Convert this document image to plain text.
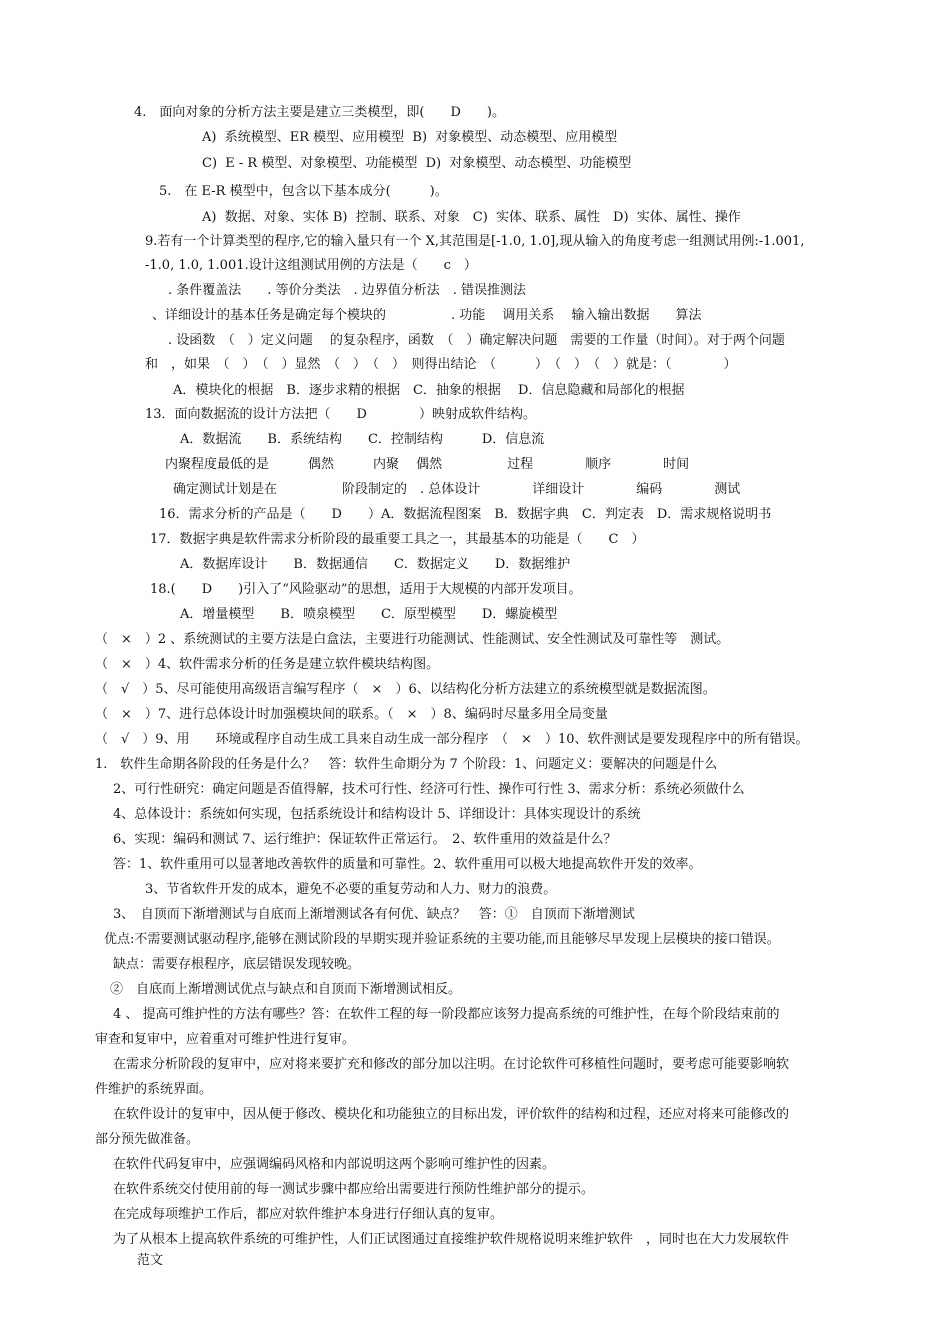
4.　面向对象的分析方法主要是建立三类模型，即(　　D　　)。
A)  系统模型、ER 模型、应用模型  B)  对象模型、动态模型、应用模型
C)  E - R 模型、对象模型、功能模型  D)  对象模型、动态模型、功能模型
5.　在 E-R 模型中，包含以下基本成分(　　　)。
A)  数据、对象、实体 B)  控制、联系、对象　C)  实体、联系、属性　D)  实体、属性、操作
9.若有一个计算类型的程序,它的输入量只有一个 X,其范围是[-1.0, 1.0],现从输入的角度考虑一组测试用例:-1.001,
-1.0, 1.0, 1.001.设计这组测试用例的方法是（　　c　）
. 条件覆盖法　　. 等价分类法　. 边界值分析法　. 错误推测法
、详细设计的基本任务是确定每个模块的　　　　　. 功能　 调用关系　 输入输出数据　　算法
. 设函数　（　）定义问题　 的复杂程序，函数　（　）确定解决问题　需要的工作量（时间）。对于两个问题
和　，如果　（　）　（　）显然　（　）　（　）　则得出结论　（　　　）　（　）　（　）就是：（　　　　）
A．模块化的根据　B．逐步求精的根据　C．抽象的根据　 D．信息隐藏和局部化的根据
13．面向数据流的设计方法把（　　D　　　　）映射成软件结构。
A．数据流　　B．系统结构　　C．控制结构　　　D．信息流
内聚程度最低的是　　　偶然　　　内聚　 偶然　　　　　过程　　　　顺序　　　　时间
确定测试计划是在　　　　　阶段制定的　. 总体设计　　　　详细设计　　　　编码　　　　测试
16．需求分析的产品是（　　D　　）A．数据流程图案　B．数据字典　C．判定表　D．需求规格说明书
17．数据字典是软件需求分析阶段的最重要工具之一，其最基本的功能是（　　C　）
A．数据库设计　　B．数据通信　　C．数据定义　　D．数据维护
18.(　　D　　)引入了“风险驱动”的思想，适用于大规模的内部开发项目。
A．增量模型　　B．喷泉模型　　C．原型模型　　D．螺旋模型
（　×　）2 、系统测试的主要方法是白盒法，主要进行功能测试、性能测试、安全性测试及可靠性等　测试。
（　×　）4、软件需求分析的任务是建立软件模块结构图。
（　√　）5、尽可能使用高级语言编写程序（　×　）6、以结构化分析方法建立的系统模型就是数据流图。
（　×　）7、进行总体设计时加强模块间的联系。（　×　）8、编码时尽量多用全局变量
（　√　）9、用　　环境或程序自动生成工具来自动生成一部分程序　（　×　）10、软件测试是要发现程序中的所有错误。
1.　软件生命期各阶段的任务是什么？　答：软件生命期分为 7 个阶段：1、问题定义：要解决的问题是什么
2、可行性研究：确定问题是否值得解，技术可行性、经济可行性、操作可行性 3、需求分析：系统必须做什么
4、总体设计：系统如何实现，包括系统设计和结构设计 5、详细设计：具体实现设计的系统
6、实现：编码和测试 7、运行维护：保证软件正常运行。　2、软件重用的效益是什么？
答：1、软件重用可以显著地改善软件的质量和可靠性。2、软件重用可以极大地提高软件开发的效率。
3、节省软件开发的成本，避免不必要的重复劳动和人力、财力的浪费。
3、　自顶而下渐增测试与自底而上渐增测试各有何优、缺点？　答：①　自顶而下渐增测试
优点:不需要测试驱动程序,能够在测试阶段的早期实现并验证系统的主要功能,而且能够尽早发现上层模块的接口错误。
缺点：需要存根程序，底层错误发现较晚。
②　自底而上渐增测试优点与缺点和自顶而下渐增测试相反。
4 、 提高可维护性的方法有哪些？答：在软件工程的每一阶段都应该努力提高系统的可维护性，在每个阶段结束前的
审查和复审中，应着重对可维护性进行复审。
在需求分析阶段的复审中，应对将来要扩充和修改的部分加以注明。在讨论软件可移植性问题时，要考虑可能要影响软
件维护的系统界面。
在软件设计的复审中，因从便于修改、模块化和功能独立的目标出发，评价软件的结构和过程，还应对将来可能修改的
部分预先做准备。
在软件代码复审中，应强调编码风格和内部说明这两个影响可维护性的因素。
在软件系统交付使用前的每一测试步骤中都应给出需要进行预防性维护部分的提示。
在完成每项维护工作后，都应对软件维护本身进行仔细认真的复审。
为了从根本上提高软件系统的可维护性，人们正试图通过直接维护软件规格说明来维护软件　，同时也在大力发展软件
范文
